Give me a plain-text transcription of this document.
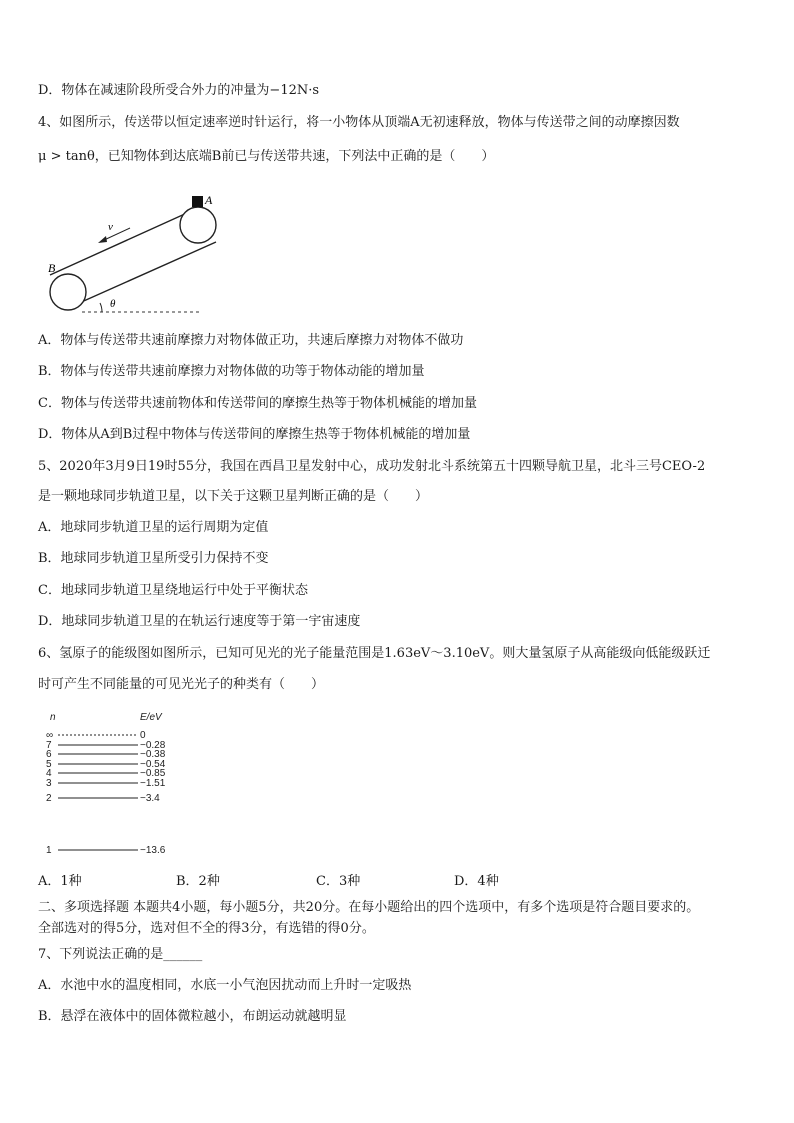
D．物体在减速阶段所受合外力的冲量为−12N·s
4、如图所示，传送带以恒定速率逆时针运行，将一小物体从顶端A无初速释放，物体与传送带之间的动摩擦因数
μ > tanθ，已知物体到达底端B前已与传送带共速，下列法中正确的是（　　）
A
B
v
θ
A．物体与传送带共速前摩擦力对物体做正功，共速后摩擦力对物体不做功
B．物体与传送带共速前摩擦力对物体做的功等于物体动能的增加量
C．物体与传送带共速前物体和传送带间的摩擦生热等于物体机械能的增加量
D．物体从A到B过程中物体与传送带间的摩擦生热等于物体机械能的增加量
5、2020年3月9日19时55分，我国在西昌卫星发射中心，成功发射北斗系统第五十四颗导航卫星，北斗三号CEO-2
是一颗地球同步轨道卫星，以下关于这颗卫星判断正确的是（　　）
A．地球同步轨道卫星的运行周期为定值
B．地球同步轨道卫星所受引力保持不变
C．地球同步轨道卫星绕地运行中处于平衡状态
D．地球同步轨道卫星的在轨运行速度等于第一宇宙速度
6、氢原子的能级图如图所示，已知可见光的光子能量范围是1.63eV～3.10eV。则大量氢原子从高能级向低能级跃迁
时可产生不同能量的可见光光子的种类有（　　）
n	E/eV
∞	0
7	−0.28
6	−0.38
5	−0.54
4	−0.85
3	−1.51
2	−3.4
1	−13.6
A．1种	B．2种	C．3种	D．4种
二、多项选择题 本题共4小题，每小题5分，共20分。在每小题给出的四个选项中，有多个选项是符合题目要求的。
全部选对的得5分，选对但不全的得3分，有选错的得0分。
7、下列说法正确的是______
A．水池中水的温度相同，水底一小气泡因扰动而上升时一定吸热
B．悬浮在液体中的固体微粒越小，布朗运动就越明显
